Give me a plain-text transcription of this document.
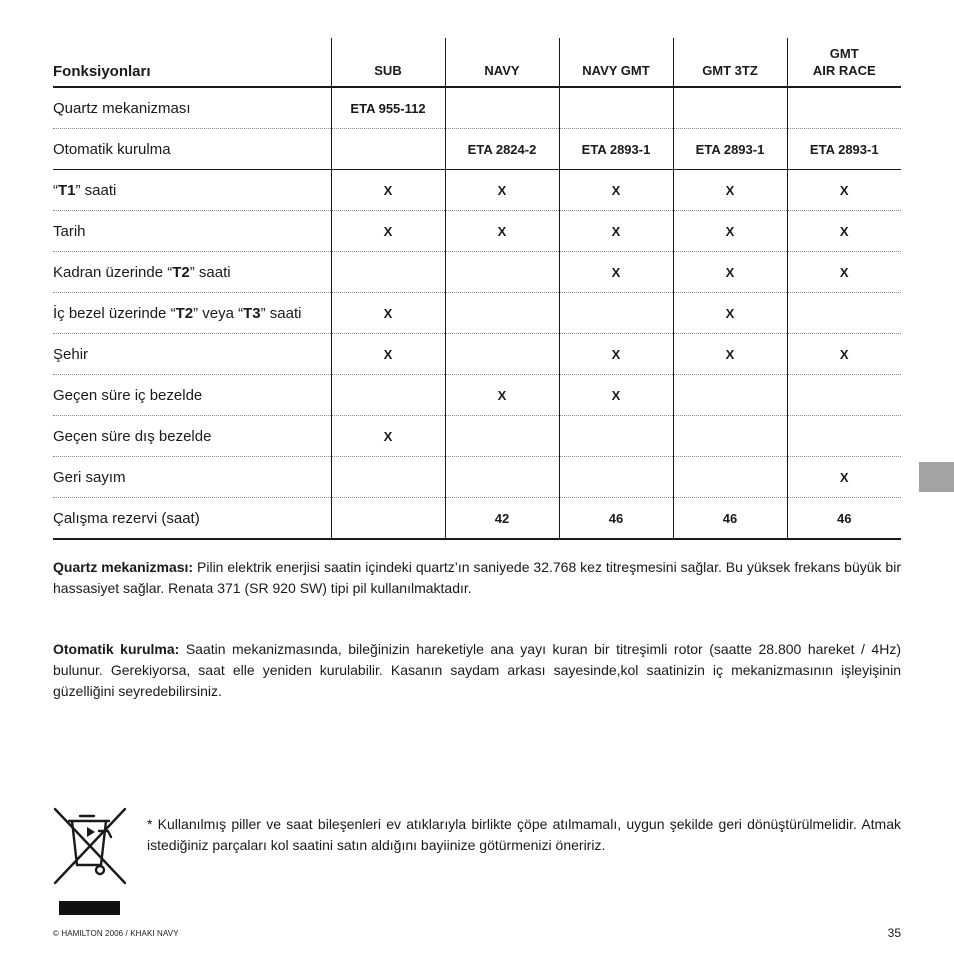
Fonksiyonları	SUB	NAVY	NAVY GMT	GMT 3TZ	GMT
AIR RACE
Quartz mekanizması	ETA 955-112				
Otomatik kurulma		ETA 2824-2	ETA 2893-1	ETA 2893-1	ETA 2893-1
“T1” saati	X	X	X	X	X
Tarih	X	X	X	X	X
Kadran üzerinde “T2” saati			X	X	X
İç bezel üzerinde “T2” veya “T3” saati	X			X	
Şehir	X		X	X	X
Geçen süre iç bezelde		X	X		
Geçen süre dış bezelde	X				
Geri sayım					X
Çalışma rezervi (saat)		42	46	46	46

Quartz mekanizması: Pilin elektrik enerjisi saatin içindeki quartz’ın saniyede 32.768 kez titreşmesini sağlar. Bu yüksek frekans büyük bir hassasiyet sağlar. Renata 371 (SR 920 SW) tipi pil kullanılmaktadır.

Otomatik kurulma: Saatin mekanizmasında, bileğinizin hareketiyle ana yayı kuran bir titreşimli rotor (saatte 28.800 hareket / 4Hz) bulunur. Gerekiyorsa, saat elle yeniden kurulabilir. Kasanın saydam arkası sayesinde,kol saatinizin iç mekanizmasının işleyişinin güzelliğini seyredebilirsiniz.

* Kullanılmış piller ve saat bileşenleri ev atıklarıyla birlikte çöpe atılmamalı, uygun şekilde geri dönüştürülmelidir. Atmak istediğiniz parçaları kol saatini satın aldığını bayiinize götürmenizi öneririz.

© HAMILTON 2006 / KHAKI NAVY	35
